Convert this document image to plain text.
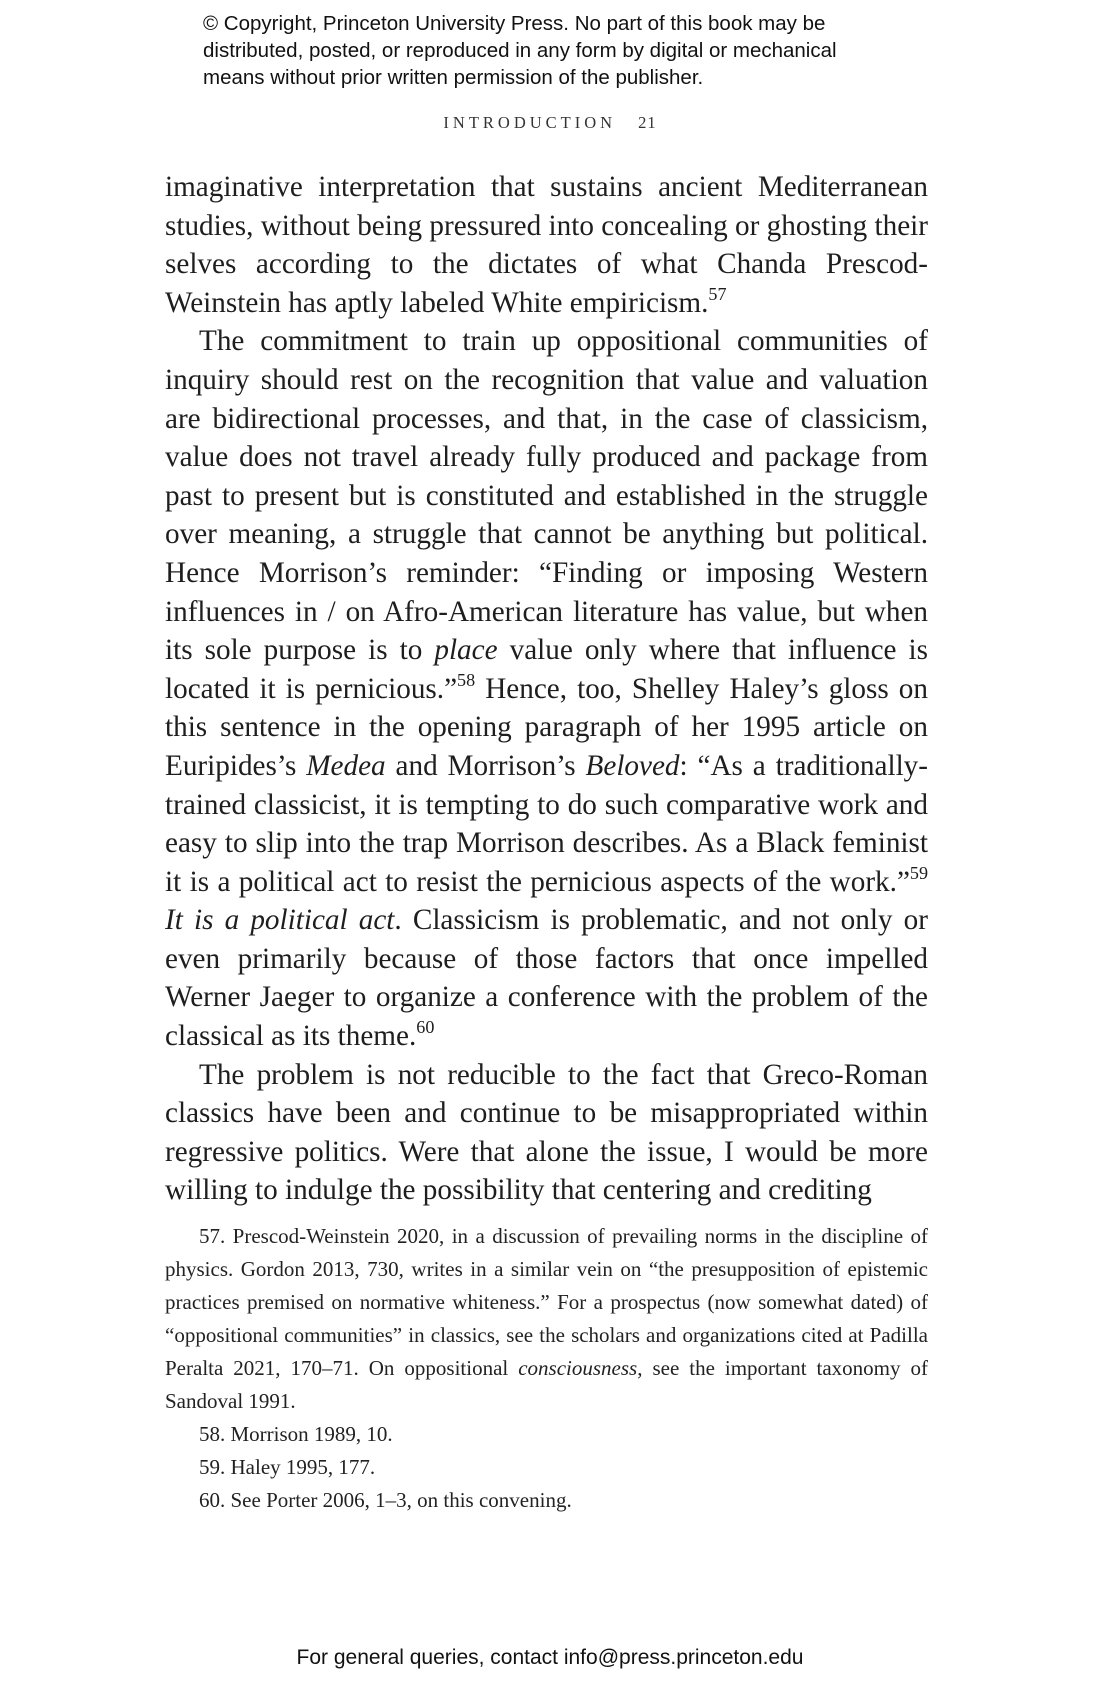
© Copyright, Princeton University Press. No part of this book may be
distributed, posted, or reproduced in any form by digital or mechanical
means without prior written permission of the publisher.
INTRODUCTION 21

imaginative interpretation that sustains ancient Mediterranean studies, without being pressured into concealing or ghosting their selves according to the dictates of what Chanda Prescod-Weinstein has aptly labeled White empiricism.$^{57}$

The commitment to train up oppositional communities of inquiry should rest on the recognition that value and valuation are bidirectional processes, and that, in the case of classicism, value does not travel already fully produced and package from past to present but is constituted and established in the struggle over meaning, a struggle that cannot be anything but political. Hence Morrison’s reminder: “Finding or imposing Western influences in / on Afro-American literature has value, but when its sole purpose is to place value only where that influence is located it is pernicious.”$^{58}$ Hence, too, Shelley Haley’s gloss on this sentence in the opening paragraph of her 1995 article on Euripides’s Medea and Morrison’s Beloved: “As a traditionally-trained classicist, it is tempting to do such comparative work and easy to slip into the trap Morrison describes. As a Black feminist it is a political act to resist the pernicious aspects of the work.”$^{59}$ It is a political act. Classicism is problematic, and not only or even primarily because of those factors that once impelled Werner Jaeger to organize a conference with the problem of the classical as its theme.$^{60}$

The problem is not reducible to the fact that Greco-Roman classics have been and continue to be misappropriated within regressive politics. Were that alone the issue, I would be more willing to indulge the possibility that centering and crediting

57. Prescod-Weinstein 2020, in a discussion of prevailing norms in the discipline of physics. Gordon 2013, 730, writes in a similar vein on “the presupposition of epistemic practices premised on normative whiteness.” For a prospectus (now somewhat dated) of “oppositional communities” in classics, see the scholars and organizations cited at Padilla Peralta 2021, 170–71. On oppositional consciousness, see the important taxonomy of Sandoval 1991.

58. Morrison 1989, 10.

59. Haley 1995, 177.

60. See Porter 2006, 1–3, on this convening.

For general queries, contact info@press.princeton.edu
